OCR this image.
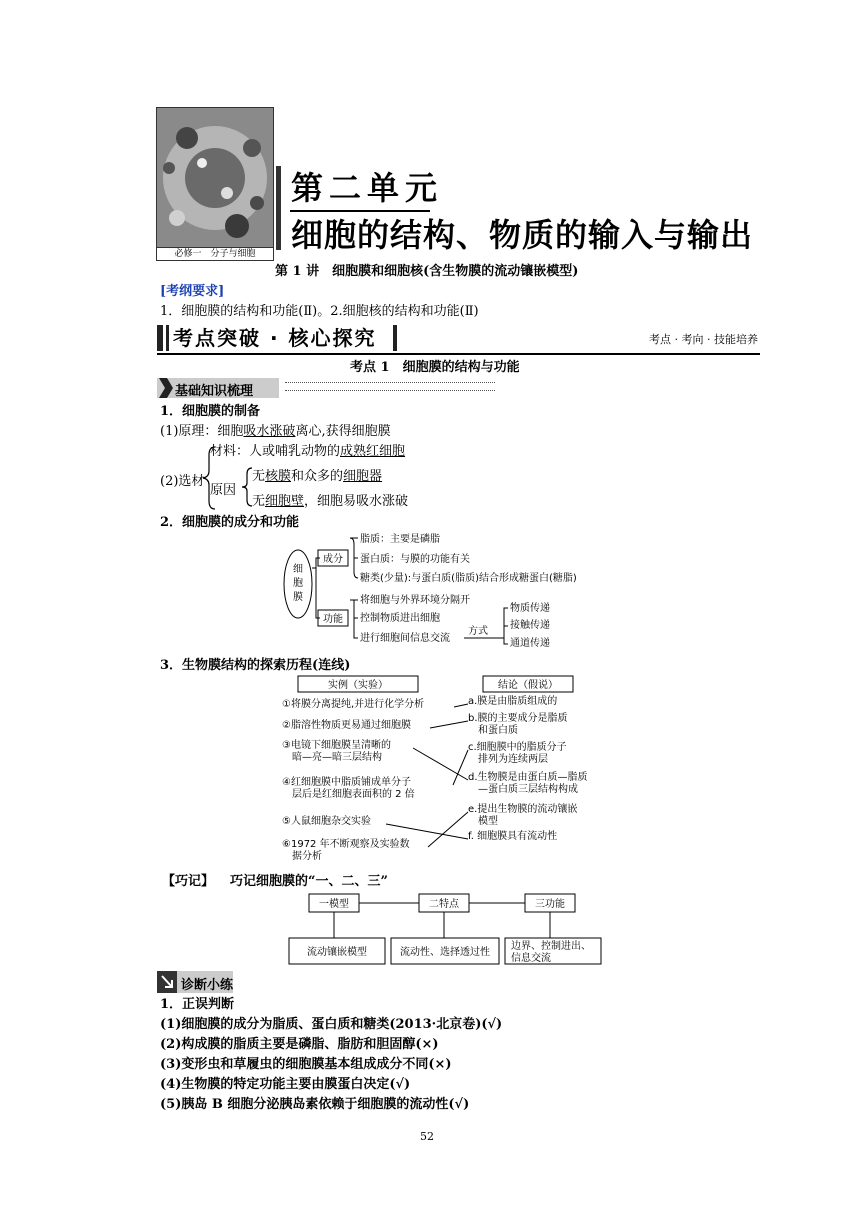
必修一　分子与细胞
第二单元
细胞的结构、物质的输入与输出
第 1 讲　细胞膜和细胞核(含生物膜的流动镶嵌模型)
[考纲要求]
1．细胞膜的结构和功能(Ⅱ)。2.细胞核的结构和功能(Ⅱ)
考点突破 · 核心探究	考点 · 考向 · 技能培养
考点 1　细胞膜的结构与功能
基础知识梳理
1．细胞膜的制备
(1)原理：细胞吸水涨破离心,获得细胞膜
材料：人或哺乳动物的成熟红细胞
(2)选材
原因
无核膜和众多的细胞器
无细胞壁，细胞易吸水涨破
2．细胞膜的成分和功能
细
胞
膜
成分
脂质：主要是磷脂
蛋白质：与膜的功能有关
糖类(少量):与蛋白质(脂质)结合形成糖蛋白(糖脂)
功能
将细胞与外界环境分隔开
控制物质进出细胞
进行细胞间信息交流
方式
物质传递
接触传递
通道传递
3．生物膜结构的探索历程(连线)
实例（实验）	结论（假说）
①将膜分离提纯,并进行化学分析
②脂溶性物质更易通过细胞膜
③电镜下细胞膜呈清晰的
　暗—亮—暗三层结构
④红细胞膜中脂质铺成单分子
　层后是红细胞表面积的 2 倍
⑤人鼠细胞杂交实验
⑥1972 年不断观察及实验数
　据分析
a.膜是由脂质组成的
b.膜的主要成分是脂质
　和蛋白质
c.细胞膜中的脂质分子
　排列为连续两层
d.生物膜是由蛋白质—脂质
　—蛋白质三层结构构成
e.提出生物膜的流动镶嵌
　模型
f. 细胞膜具有流动性
【巧记】 巧记细胞膜的“一、二、三”
一模型	二特点	三功能
流动镶嵌模型	流动性、选择透过性
边界、控制进出、
信息交流
诊断小练
1．正误判断
(1)细胞膜的成分为脂质、蛋白质和糖类(2013·北京卷)(√)
(2)构成膜的脂质主要是磷脂、脂肪和胆固醇(×)
(3)变形虫和草履虫的细胞膜基本组成成分不同(×)
(4)生物膜的特定功能主要由膜蛋白决定(√)
(5)胰岛 B 细胞分泌胰岛素依赖于细胞膜的流动性(√)
52
